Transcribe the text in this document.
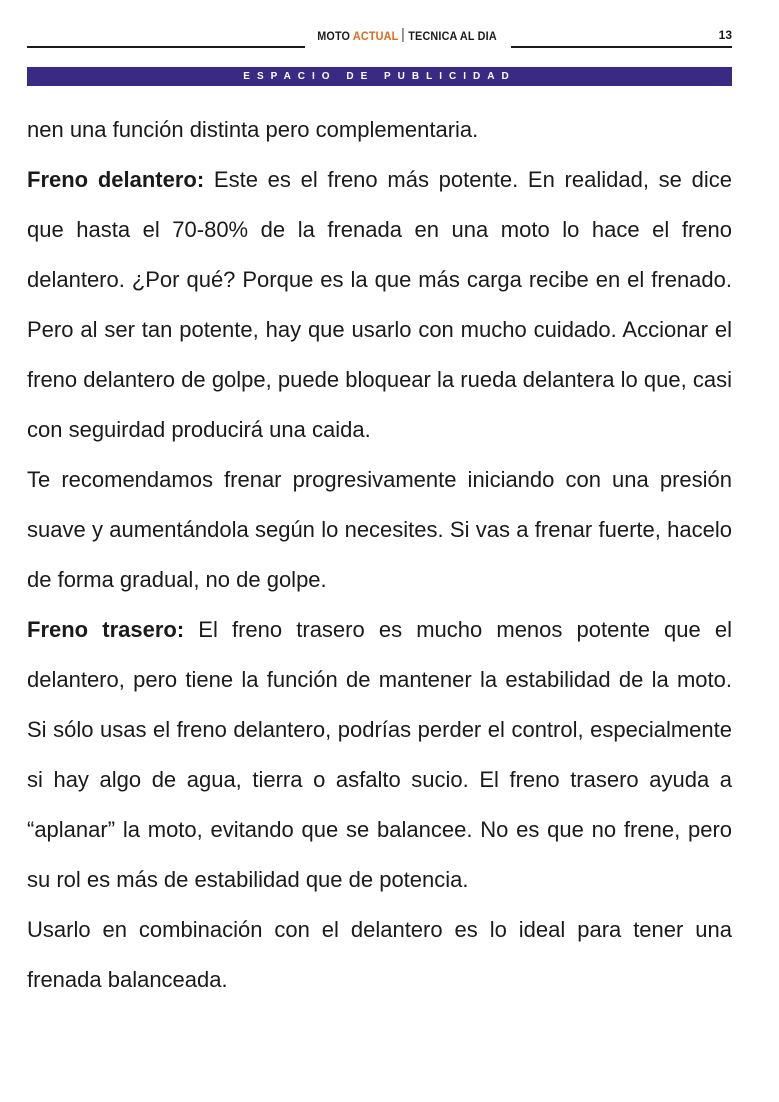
MOTO ACTUAL TECNICA AL DIA	13
ESPACIO DE PUBLICIDAD

nen una función distinta pero complementaria.

Freno delantero: Este es el freno más potente. En realidad, se dice que hasta el 70-80% de la frenada en una moto lo hace el freno delantero. ¿Por qué? Porque es la que más carga recibe en el frenado. Pero al ser tan potente, hay que usarlo con mucho cuidado. Accionar el freno delantero de golpe, puede bloquear la rueda delantera lo que, casi con seguirdad producirá una caida.

Te recomendamos frenar progresivamente iniciando con una presión suave y aumentándola según lo necesites. Si vas a frenar fuerte, hacelo de forma gradual, no de golpe.

Freno trasero: El freno trasero es mucho menos potente que el delantero, pero tiene la función de mantener la estabilidad de la moto. Si sólo usas el freno delantero, podrías perder el control, especialmente si hay algo de agua, tierra o asfalto sucio. El freno trasero ayuda a “aplanar” la moto, evitando que se balancee. No es que no frene, pero su rol es más de estabilidad que de potencia.

Usarlo en combinación con el delantero es lo ideal para tener una frenada balanceada.
